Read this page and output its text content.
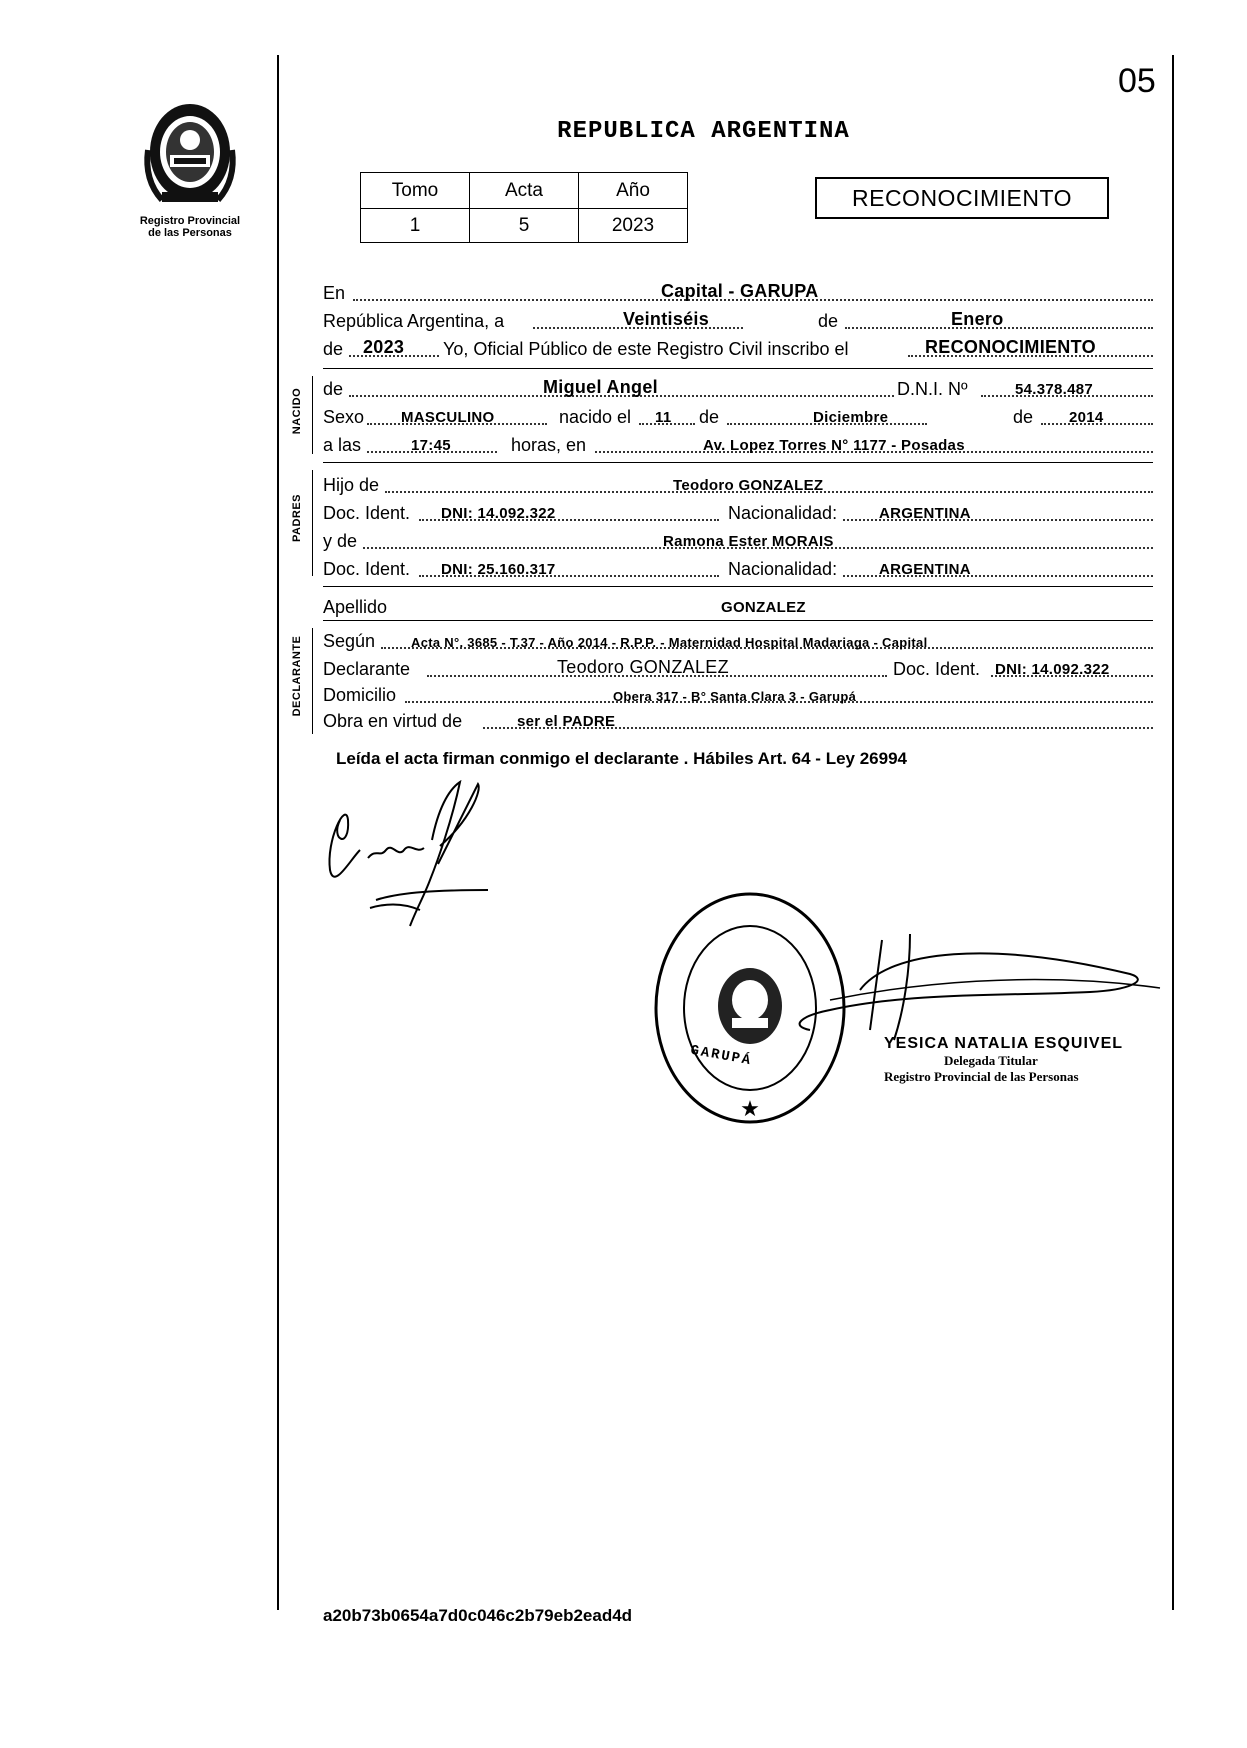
05
REPUBLICA ARGENTINA
Registro Provincial
de las Personas
Tomo	Acta	Año
1	5	2023
RECONOCIMIENTO
En	Capital - GARUPA
República Argentina, a	Veintiséis	de	Enero
de 2023 Yo, Oficial Público de este Registro Civil inscribo el	RECONOCIMIENTO
NACIDO de	Miguel Angel	D.N.I. Nº	54.378.487
Sexo MASCULINO	nacido el 11 de	Diciembre	de 2014
a las	17:45	horas, en	Av. Lopez Torres N° 1177 - Posadas
PADRES
Hijo de	Teodoro GONZALEZ
Doc. Ident. DNI: 14.092.322	Nacionalidad:	ARGENTINA
y de	Ramona Ester MORAIS
Doc. Ident. DNI: 25.160.317	Nacionalidad:	ARGENTINA
Apellido	GONZALEZ
DECLARANTE Según	Acta N°. 3685 - T.37 - Año 2014 - R.P.P. - Maternidad Hospital Madariaga - Capital
Declarante	Teodoro GONZALEZ	Doc. Ident. DNI: 14.092.322
Domicilio	Obera 317 - B° Santa Clara 3 - Garupá
Obra en virtud de	ser el PADRE
Leída el acta firman conmigo el declarante . Hábiles Art. 64 - Ley 26994
★
GARUPÁ	YESICA NATALIA ESQUIVEL
Delegada Titular
Registro Provincial de las Personas
a20b73b0654a7d0c046c2b79eb2ead4d
